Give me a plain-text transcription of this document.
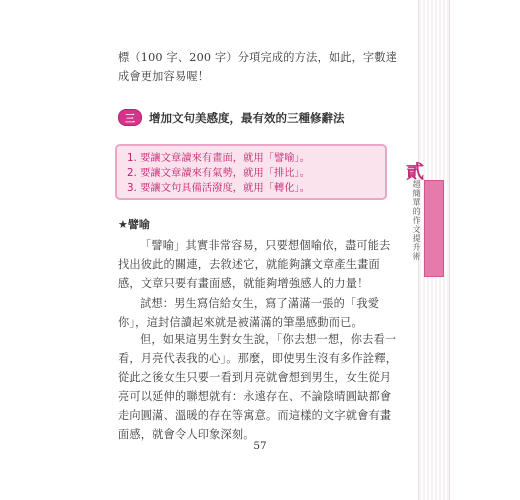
標（100 字、200 字）分項完成的方法，如此，字數達成會更加容易喔！

三	增加文句美感度，最有效的三種修辭法
1. 要讓文章讀來有畫面，就用「譬喻」。
2. 要讓文章讀來有氣勢，就用「排比」。
3. 要讓文句具備活潑度，就用「轉化」。
★譬喻

「譬喻」其實非常容易，只要想個喻依，盡可能去找出彼此的關連，去敘述它，就能夠讓文章產生畫面感，文章只要有畫面感，就能夠增強感人的力量！

試想：男生寫信給女生，寫了滿滿一張的「我愛你」，這封信讀起來就是被滿滿的筆墨感動而已。

但，如果這男生對女生說，「你去想一想，你去看一看，月亮代表我的心」。那麼，即使男生沒有多作詮釋，從此之後女生只要一看到月亮就會想到男生，女生從月亮可以延伸的聯想就有：永遠存在、不論陰晴圓缺都會走向圓滿、溫暖的存在等寓意。而這樣的文字就會有畫面感，就會令人印象深刻。

57
貳
超簡單的作文提升術
